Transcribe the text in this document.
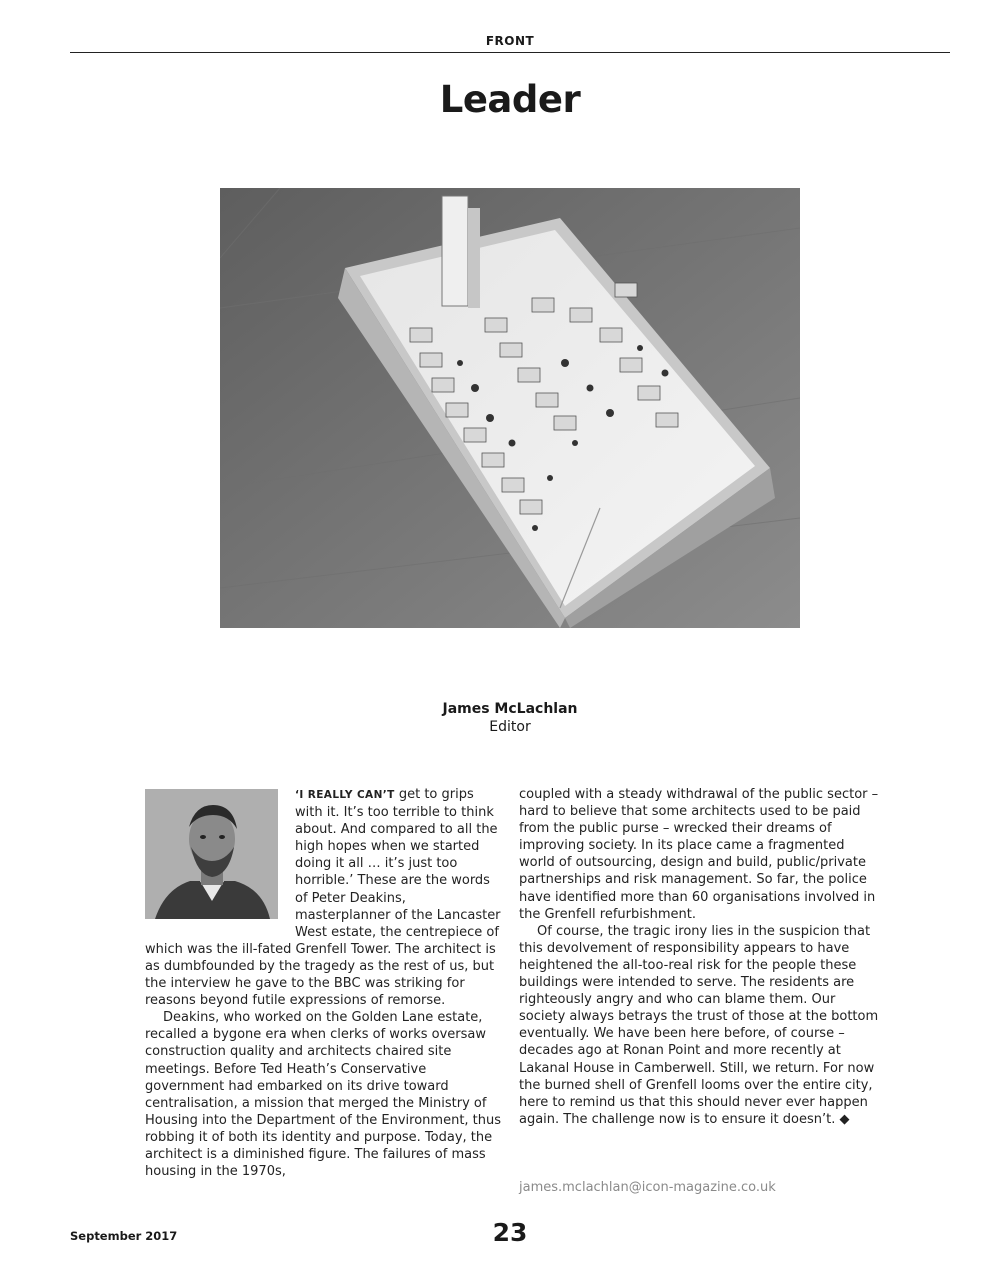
FRONT
Leader
James McLachlan
Editor

‘I REALLY CAN’T get to grips with it. It’s too terrible to think about. And compared to all the high hopes when we started doing it all … it’s just too horrible.’ These are the words of Peter Deakins, masterplanner of the Lancaster West estate, the centrepiece of which was the ill-fated Grenfell Tower. The architect is as dumbfounded by the tragedy as the rest of us, but the interview he gave to the BBC was striking for reasons beyond futile expressions of remorse.

Deakins, who worked on the Golden Lane estate, recalled a bygone era when clerks of works oversaw construction quality and architects chaired site meetings. Before Ted Heath’s Conservative government had embarked on its drive toward centralisation, a mission that merged the Ministry of Housing into the Department of the Environment, thus robbing it of both its identity and purpose. Today, the architect is a diminished figure. The failures of mass housing in the 1970s,

coupled with a steady withdrawal of the public sector – hard to believe that some architects used to be paid from the public purse – wrecked their dreams of improving society. In its place came a fragmented world of outsourcing, design and build, public/private partnerships and risk management. So far, the police have identified more than 60 organisations involved in the Grenfell refurbishment.

Of course, the tragic irony lies in the suspicion that this devolvement of responsibility appears to have heightened the all-too-real risk for the people these buildings were intended to serve. The residents are righteously angry and who can blame them. Our society always betrays the trust of those at the bottom eventually. We have been here before, of course – decades ago at Ronan Point and more recently at Lakanal House in Camberwell. Still, we return. For now the burned shell of Grenfell looms over the entire city, here to remind us that this should never ever happen again. The challenge now is to ensure it doesn’t. ◆

james.mclachlan@icon-magazine.co.uk
September 2017	23
